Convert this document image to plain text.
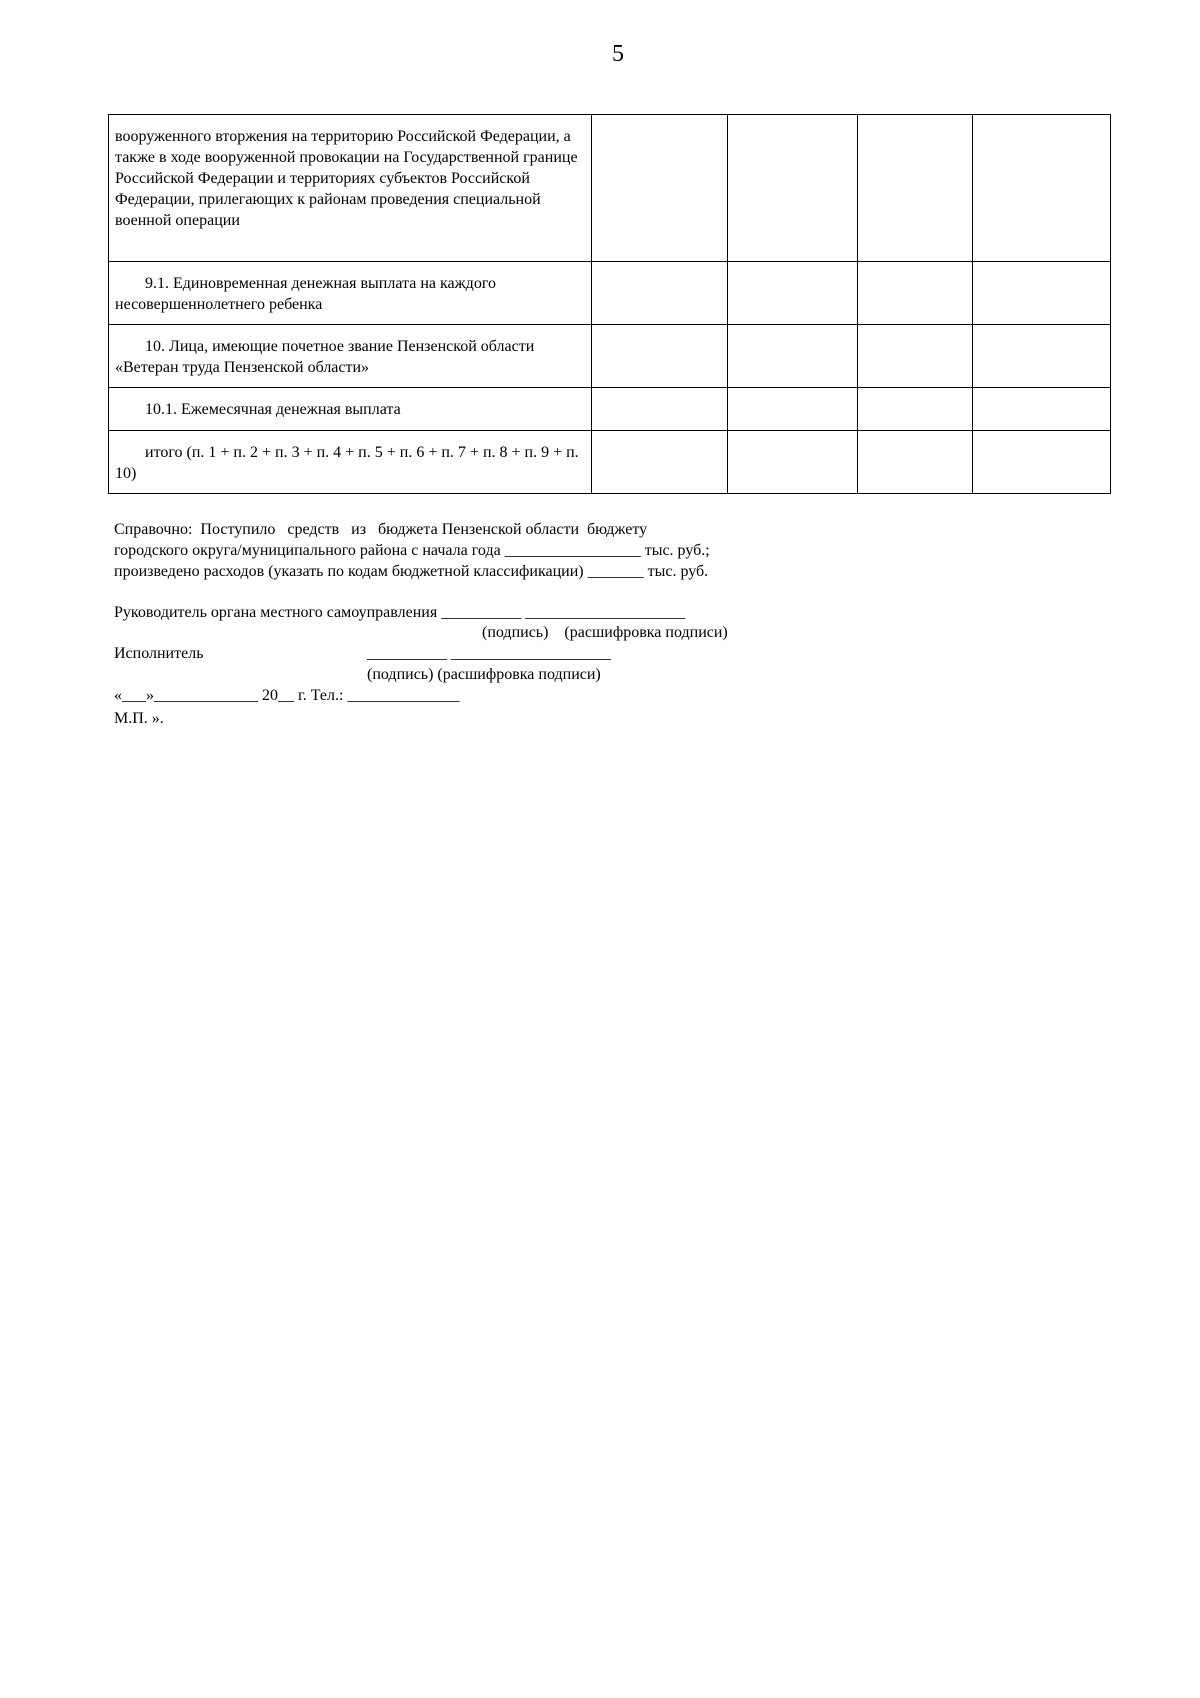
5
вооруженного вторжения на территорию Российской Федерации, а также в ходе вооруженной провокации на Государственной границе Российской Федерации и территориях субъектов Российской Федерации, прилегающих к районам проведения специальной военной операции				
9.1. Единовременная денежная выплата на каждого несовершеннолетнего ребенка				
10. Лица, имеющие почетное звание Пензенской области «Ветеран труда Пензенской области»				
10.1. Ежемесячная денежная выплата				
итого (п. 1 + п. 2 + п. 3 + п. 4 + п. 5 + п. 6 + п. 7 + п. 8 + п. 9 + п. 10)				
Справочно:  Поступило   средств   из   бюджета Пензенской области  бюджету
городского округа/муниципального района с начала года _________________ тыс. руб.;
произведено расходов (указать по кодам бюджетной классификации) _______ тыс. руб.
Руководитель органа местного самоуправления __________ ____________________
(подпись)    (расшифровка подписи)
Исполнитель	__________ ____________________
(подпись) (расшифровка подписи)
«___»_____________ 20__ г. Тел.: ______________
М.П. ».
